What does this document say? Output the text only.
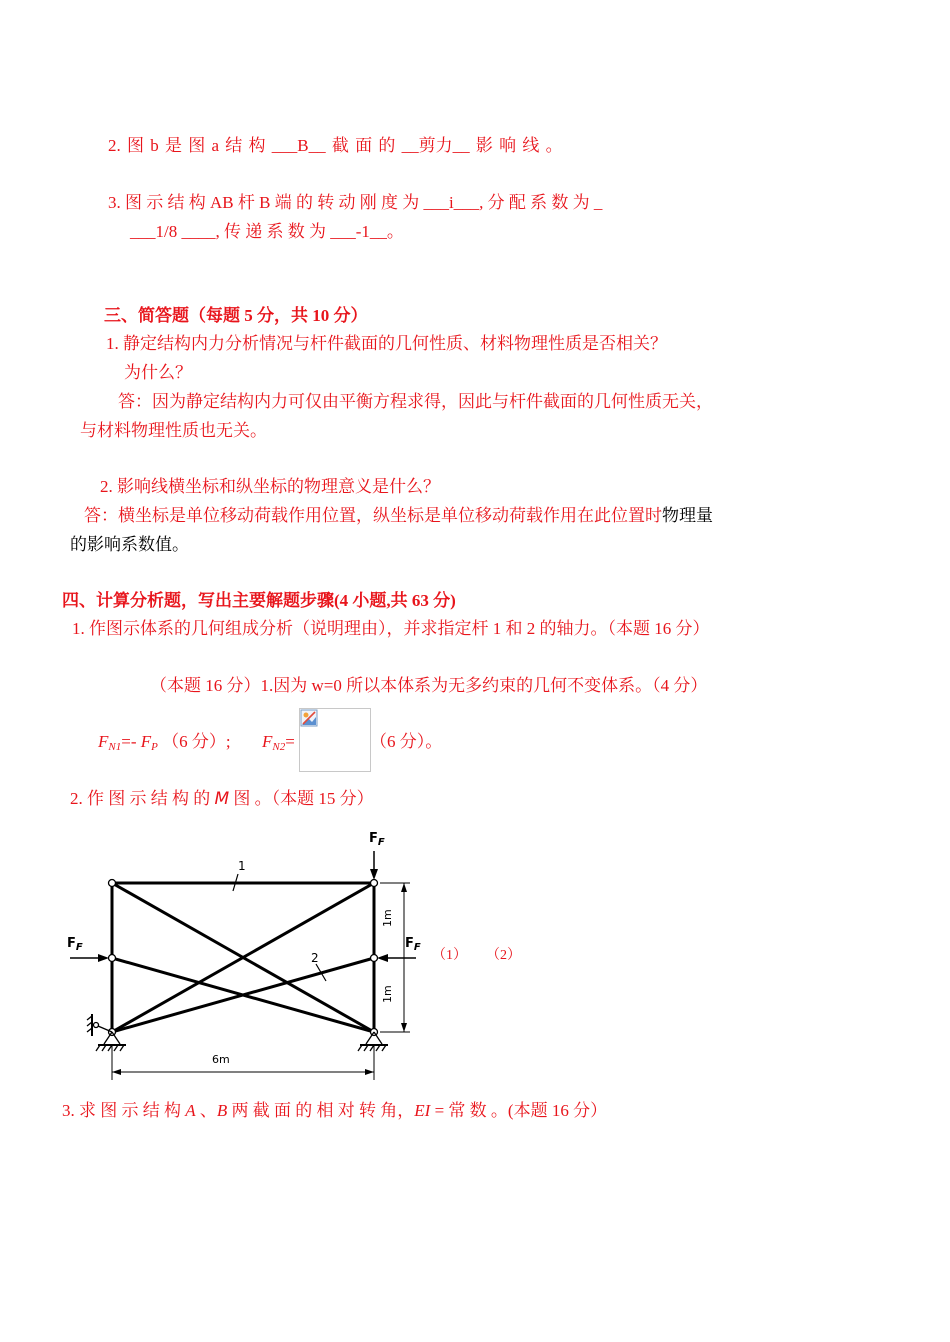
2. 图 b 是 图 a 结 构 ___B__ 截 面 的 __剪力__ 影 响 线 。
3. 图 示 结 构 AB 杆 B 端 的 转 动 刚 度 为 ___i___, 分 配 系 数 为 _
___1/8 ____, 传 递 系 数 为 ___-1__。
三、简答题（每题 5 分，共 10 分）
1. 静定结构内力分析情况与杆件截面的几何性质、材料物理性质是否相关？
为什么？
答：因为静定结构内力可仅由平衡方程求得，因此与杆件截面的几何性质无关，
与材料物理性质也无关。
2. 影响线横坐标和纵坐标的物理意义是什么？
答：横坐标是单位移动荷载作用位置，纵坐标是单位移动荷载作用在此位置时物理量
的影响系数值。
四、计算分析题，写出主要解题步骤(4 小题,共 63 分)
1. 作图示体系的几何组成分析（说明理由），并求指定杆 1 和 2 的轴力。（本题 16 分）
（本题 16 分）1.因为 w=0 所以本体系为无多约束的几何不变体系。（4 分）
$F_{N1}=-$ $F_P$ （6 分）; $F_{N2}=$	（6 分）。
2. 作 图 示 结 构 的 M 图 。（本题 15 分）
$F_F$
$F_F$	$F_F$
1
2
1m
1m
6m
（1） （2）
3. 求 图 示 结 构 A 、B 两 截 面 的 相 对 转 角，EI = 常 数 。(本题 16 分）
